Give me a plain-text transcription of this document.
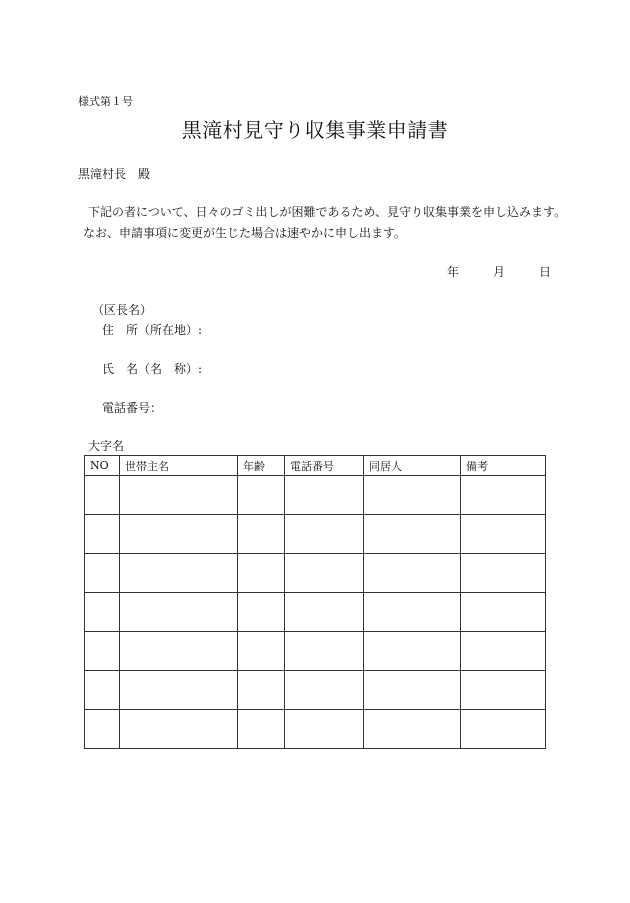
様式第１号
黒滝村見守り収集事業申請書
黒滝村長 殿
下記の者について、日々のゴミ出しが困難であるため、見守り収集事業を申し込みます。
なお、申請事項に変更が生じた場合は速やかに申し出ます。
年	月	日
（区長名）
住　所（所在地）:
氏　名（名　称）:
電話番号：
大字名
NO	世帯主名	年齢	電話番号	同居人	備考
